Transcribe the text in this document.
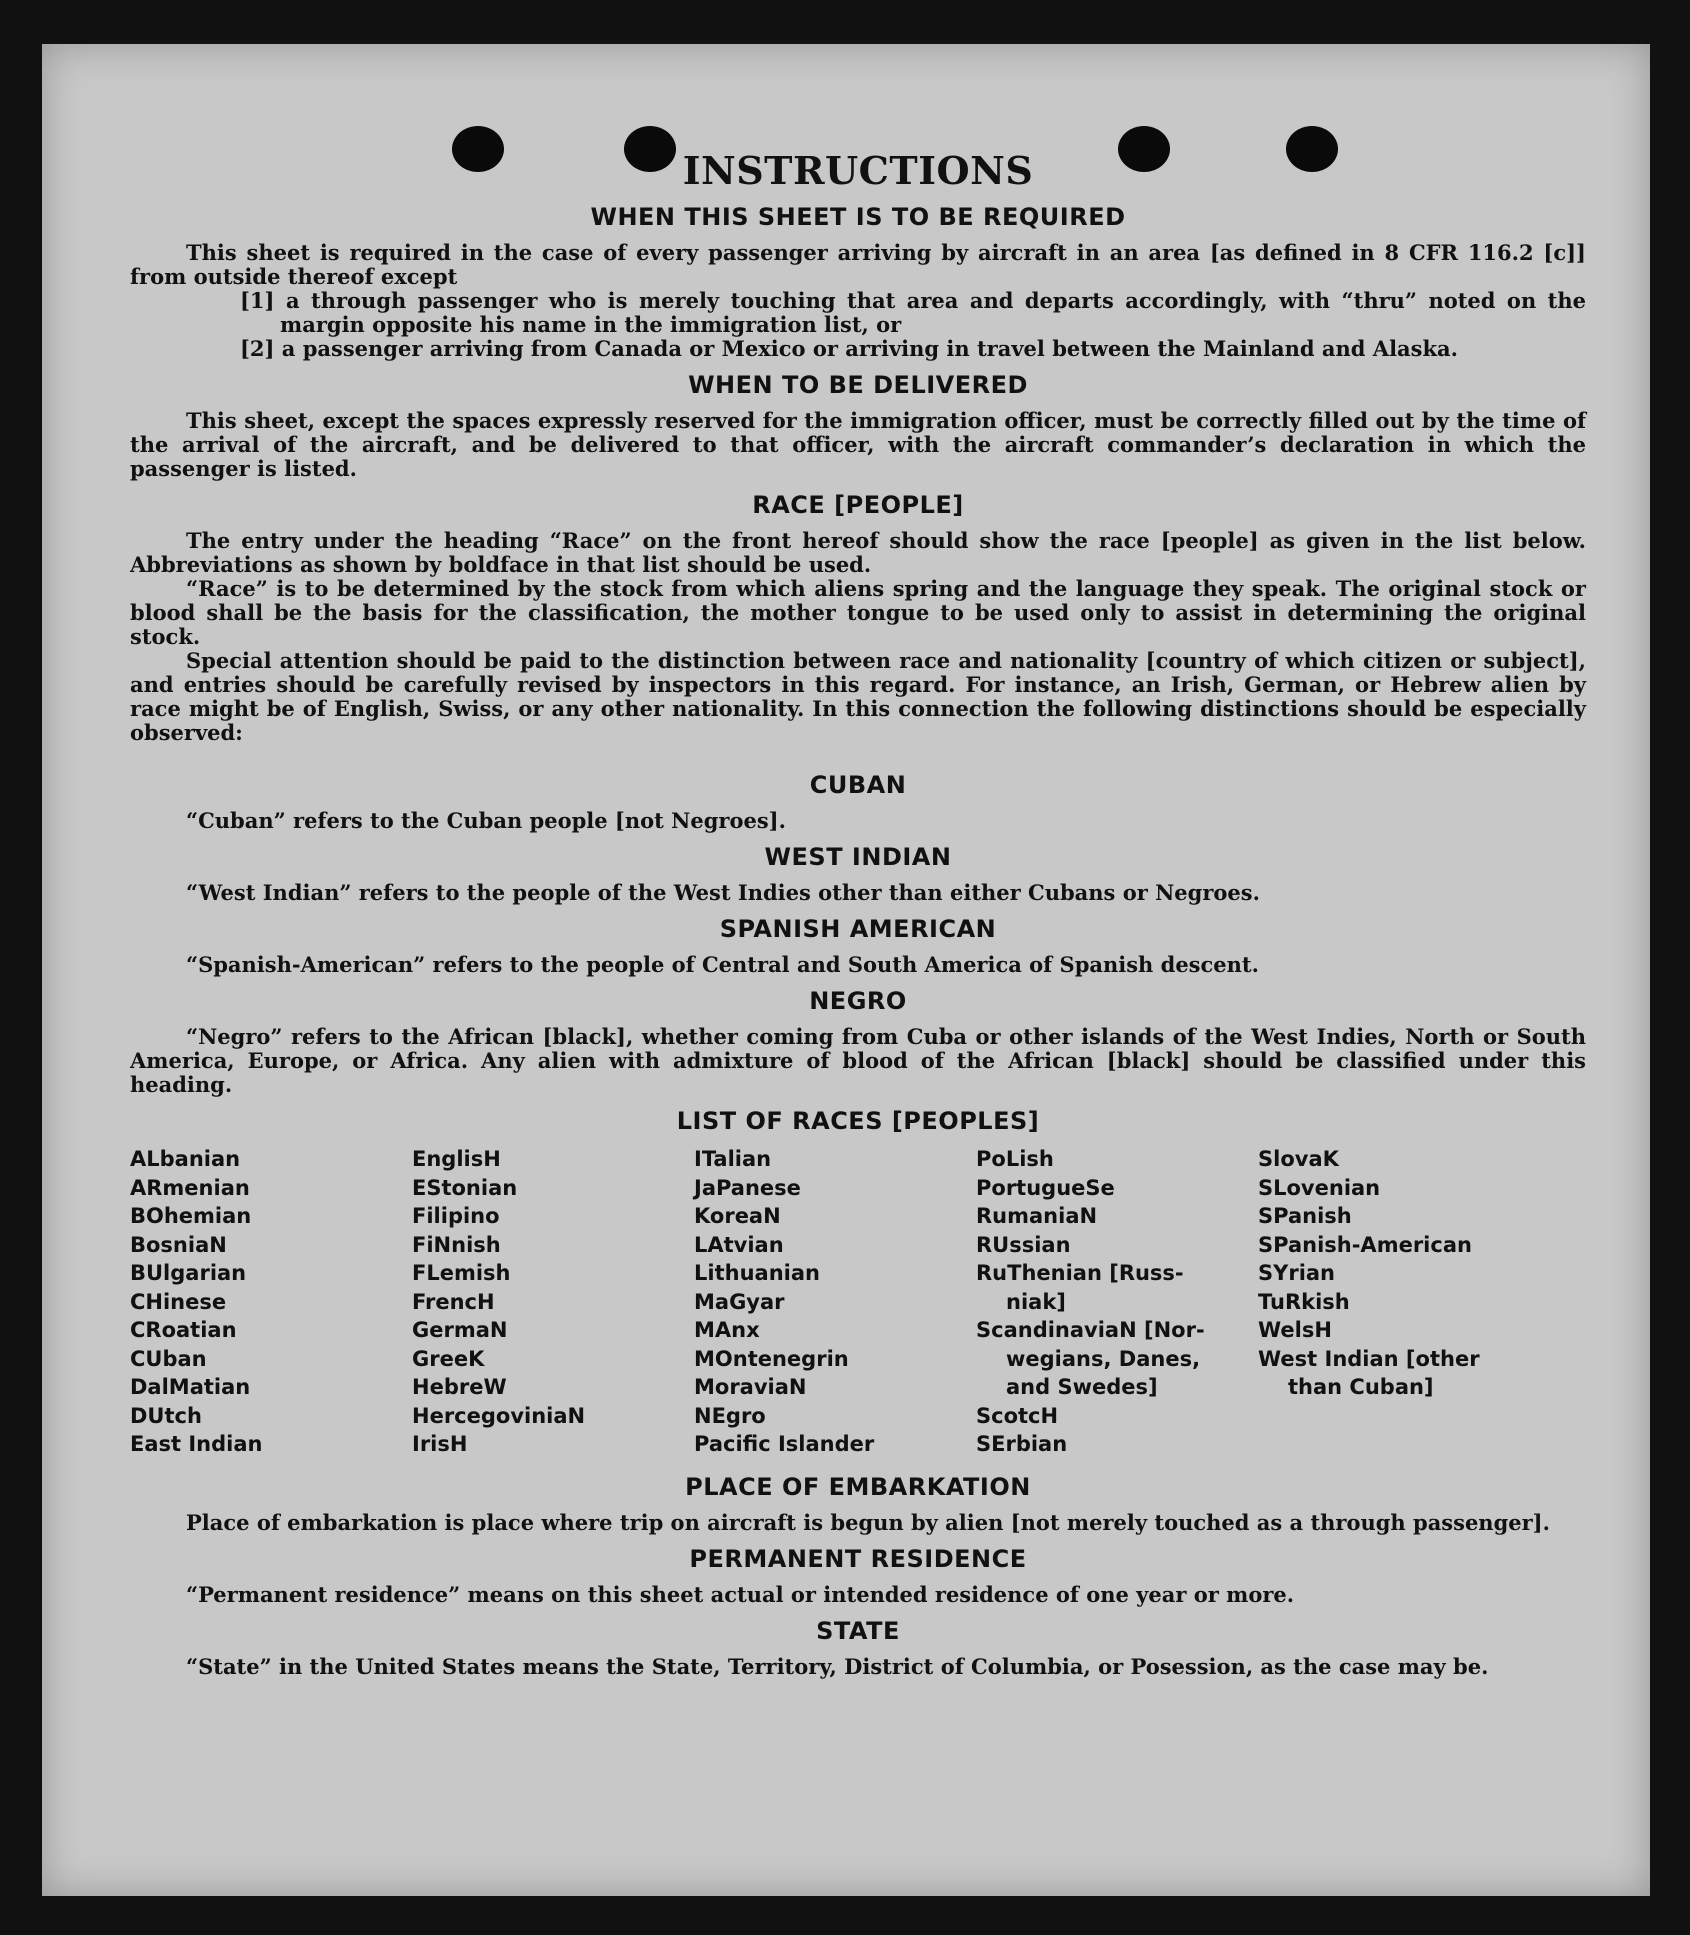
INSTRUCTIONS
WHEN THIS SHEET IS TO BE REQUIRED

This sheet is required in the case of every passenger arriving by aircraft in an area [as defined in 8 CFR 116.2 [c]] from outside thereof except

[1] a through passenger who is merely touching that area and departs accordingly, with “thru” noted on the margin opposite his name in the immigration list, or

[2] a passenger arriving from Canada or Mexico or arriving in travel between the Mainland and Alaska.

WHEN TO BE DELIVERED

This sheet, except the spaces expressly reserved for the immigration officer, must be correctly filled out by the time of the arrival of the aircraft, and be delivered to that officer, with the aircraft commander’s declaration in which the passenger is listed.

RACE [PEOPLE]

The entry under the heading “Race” on the front hereof should show the race [people] as given in the list below. Abbreviations as shown by boldface in that list should be used.

“Race” is to be determined by the stock from which aliens spring and the language they speak. The original stock or blood shall be the basis for the classification, the mother tongue to be used only to assist in determining the original stock.

Special attention should be paid to the distinction between race and nationality [country of which citizen or subject], and entries should be carefully revised by inspectors in this regard. For instance, an Irish, German, or Hebrew alien by race might be of English, Swiss, or any other nationality. In this connection the following distinctions should be especially observed:

CUBAN

“Cuban” refers to the Cuban people [not Negroes].

WEST INDIAN

“West Indian” refers to the people of the West Indies other than either Cubans or Negroes.

SPANISH AMERICAN

“Spanish-American” refers to the people of Central and South America of Spanish descent.

NEGRO

“Negro” refers to the African [black], whether coming from Cuba or other islands of the West Indies, North or South America, Europe, or Africa. Any alien with admixture of blood of the African [black] should be classified under this heading.

LIST OF RACES [PEOPLES]
ALbanian
ARmenian
BOhemian
BosniaN
BUlgarian
CHinese
CRoatian
CUban
DalMatian
DUtch
East Indian
EnglisH
EStonian
Filipino
FiNnish
FLemish
FrencH
GermaN
GreeK
HebreW
HercegoviniaN
IrisH
ITalian
JaPanese
KoreaN
LAtvian
Lithuanian
MaGyar
MAnx
MOntenegrin
MoraviaN
NEgro
Pacific Islander
PoLish
PortugueSe
RumaniaN
RUssian
RuThenian [Russ-
niak]
ScandinaviaN [Nor-
wegians, Danes,
and Swedes]
ScotcH
SErbian
SlovaK
SLovenian
SPanish
SPanish-American
SYrian
TuRkish
WelsH
West Indian [other
than Cuban]
PLACE OF EMBARKATION

Place of embarkation is place where trip on aircraft is begun by alien [not merely touched as a through passenger].

PERMANENT RESIDENCE

“Permanent residence” means on this sheet actual or intended residence of one year or more.

STATE

“State” in the United States means the State, Territory, District of Columbia, or Posession, as the case may be.
